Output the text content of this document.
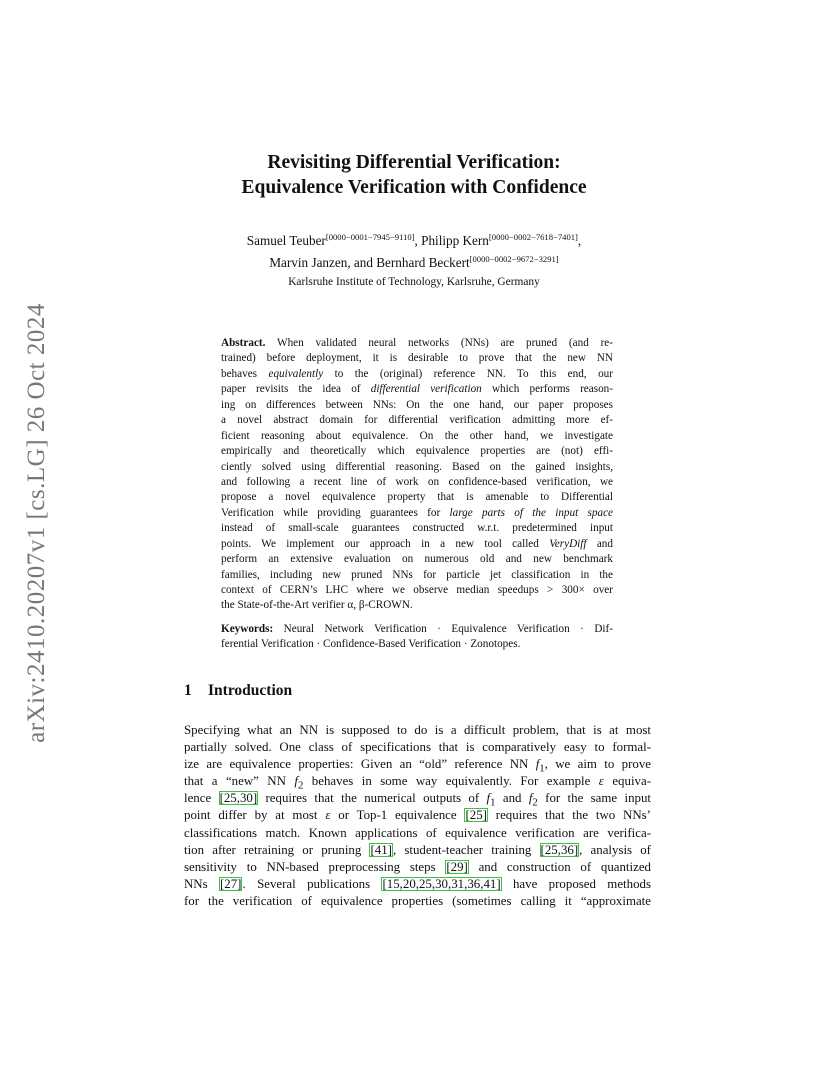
arXiv:2410.20207v1 [cs.LG] 26 Oct 2024
Revisiting Differential Verification:
Equivalence Verification with Confidence
Samuel Teuber[0000−0001−7945−9110], Philipp Kern[0000−0002−7618−7401],
Marvin Janzen, and Bernhard Beckert[0000−0002−9672−3291]
Karlsruhe Institute of Technology, Karlsruhe, Germany
Abstract. When validated neural networks (NNs) are pruned (and re-
trained) before deployment, it is desirable to prove that the new NN
behaves equivalently to the (original) reference NN. To this end, our
paper revisits the idea of differential verification which performs reason-
ing on differences between NNs: On the one hand, our paper proposes
a novel abstract domain for differential verification admitting more ef-
ficient reasoning about equivalence. On the other hand, we investigate
empirically and theoretically which equivalence properties are (not) effi-
ciently solved using differential reasoning. Based on the gained insights,
and following a recent line of work on confidence-based verification, we
propose a novel equivalence property that is amenable to Differential
Verification while providing guarantees for large parts of the input space
instead of small-scale guarantees constructed w.r.t. predetermined input
points. We implement our approach in a new tool called VeryDiff and
perform an extensive evaluation on numerous old and new benchmark
families, including new pruned NNs for particle jet classification in the
context of CERN’s LHC where we observe median speedups > 300× over
the State-of-the-Art verifier α, β-CROWN.
Keywords: Neural Network Verification · Equivalence Verification · Dif-
ferential Verification · Confidence-Based Verification · Zonotopes.
1 Introduction
Specifying what an NN is supposed to do is a difficult problem, that is at most
partially solved. One class of specifications that is comparatively easy to formal-
ize are equivalence properties: Given an “old” reference NN $f_1$, we aim to prove
that a “new” NN $f_2$ behaves in some way equivalently. For example ε equiva-
lence [25,30] requires that the numerical outputs of $f_1$ and $f_2$ for the same input
point differ by at most ε or Top-1 equivalence [25] requires that the two NNs’
classifications match. Known applications of equivalence verification are verifica-
tion after retraining or pruning [41], student-teacher training [25,36], analysis of
sensitivity to NN-based preprocessing steps [29] and construction of quantized
NNs [27]. Several publications [15,20,25,30,31,36,41] have proposed methods
for the verification of equivalence properties (sometimes calling it “approximate
